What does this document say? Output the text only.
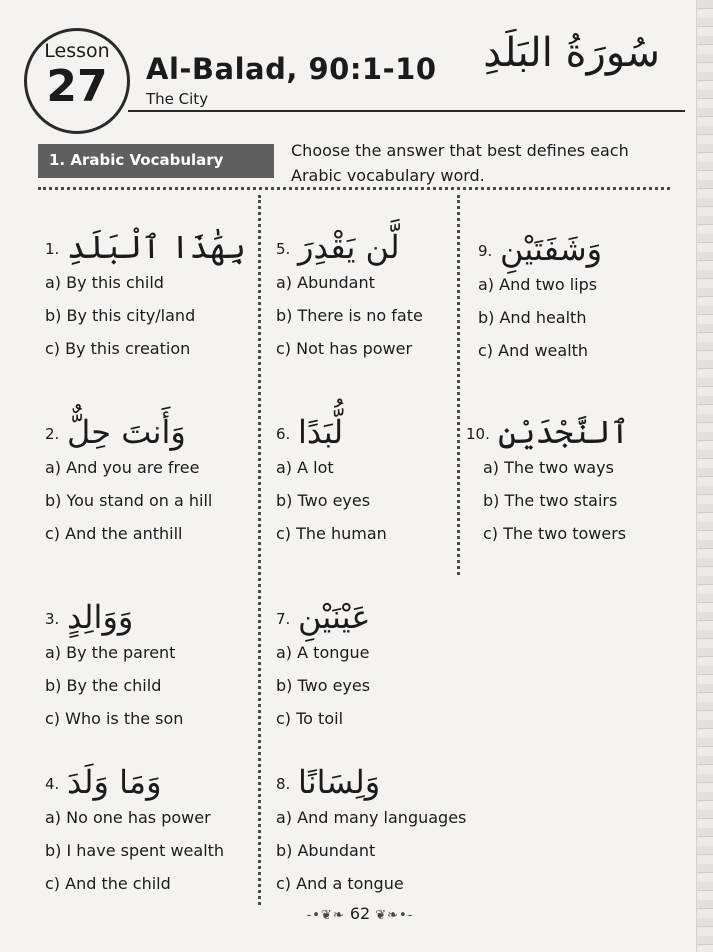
Lesson
27	Al-Balad, 90:1-10
The City
سُورَةُ البَلَدِ
1. Arabic Vocabulary	Choose the answer that best defines each Arabic vocabulary word.
1. بِهَٰذَا ٱلْبَلَدِ
a) By this child
b) By this city/land
c) By this creation
2. وَأَنتَ حِلٌّ
a) And you are free
b) You stand on a hill
c) And the anthill
3. وَوَالِدٍ
a) By the parent
b) By the child
c) Who is the son
4. وَمَا وَلَدَ
a) No one has power
b) I have spent wealth
c) And the child
5. لَّن يَقْدِرَ
a) Abundant
b) There is no fate
c) Not has power
6. لُّبَدًا
a) A lot
b) Two eyes
c) The human
7. عَيْنَيْنِ
a) A tongue
b) Two eyes
c) To toil
8. وَلِسَانًا
a) And many languages
b) Abundant
c) And a tongue
9. وَشَفَتَيْنِ
a) And two lips
b) And health
c) And wealth
10. ٱلنَّجْدَيْنِ
a) The two ways
b) The two stairs
c) The two towers
-•❦❧ 62 ❦❧•-
